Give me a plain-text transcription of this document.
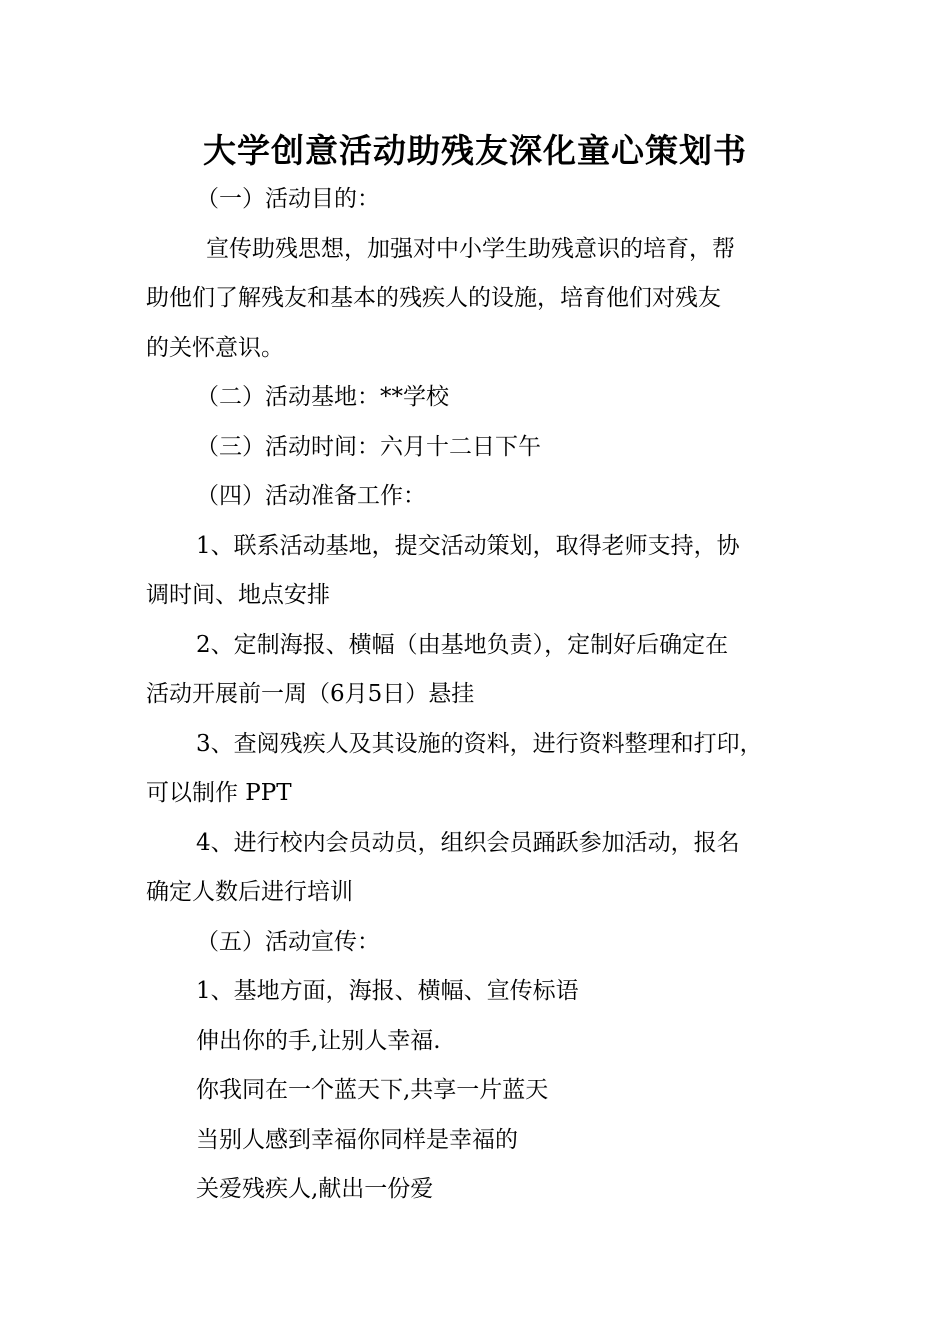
大学创意活动助残友深化童心策划书
（一）活动目的：
宣传助残思想，加强对中小学生助残意识的培育，帮
助他们了解残友和基本的残疾人的设施，培育他们对残友
的关怀意识。
（二）活动基地：**学校
（三）活动时间：六月十二日下午
（四）活动准备工作：
1、联系活动基地，提交活动策划，取得老师支持，协
调时间、地点安排
2、定制海报、横幅（由基地负责），定制好后确定在
活动开展前一周（6月5日）悬挂
3、查阅残疾人及其设施的资料，进行资料整理和打印，
可以制作 PPT
4、进行校内会员动员，组织会员踊跃参加活动，报名
确定人数后进行培训
（五）活动宣传：
1、基地方面，海报、横幅、宣传标语
伸出你的手,让别人幸福.
你我同在一个蓝天下,共享一片蓝天
当别人感到幸福你同样是幸福的
关爱残疾人,献出一份爱
